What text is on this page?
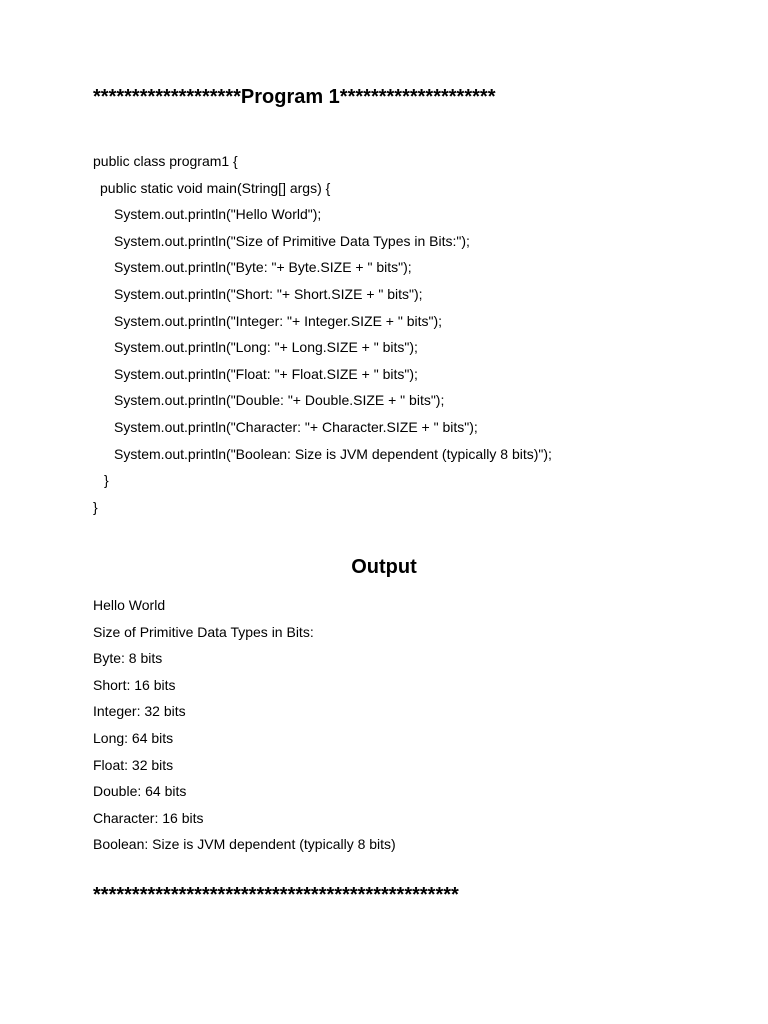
*******************Program 1********************
public class program1 {
public static void main(String[] args) {
System.out.println("Hello World");
System.out.println("Size of Primitive Data Types in Bits:");
System.out.println("Byte: "+ Byte.SIZE + " bits");
System.out.println("Short: "+ Short.SIZE + " bits");
System.out.println("Integer: "+ Integer.SIZE + " bits");
System.out.println("Long: "+ Long.SIZE + " bits");
System.out.println("Float: "+ Float.SIZE + " bits");
System.out.println("Double: "+ Double.SIZE + " bits");
System.out.println("Character: "+ Character.SIZE + " bits");
System.out.println("Boolean: Size is JVM dependent (typically 8 bits)");
}
}
Output
Hello World
Size of Primitive Data Types in Bits:
Byte: 8 bits
Short: 16 bits
Integer: 32 bits
Long: 64 bits
Float: 32 bits
Double: 64 bits
Character: 16 bits
Boolean: Size is JVM dependent (typically 8 bits)
***********************************************
